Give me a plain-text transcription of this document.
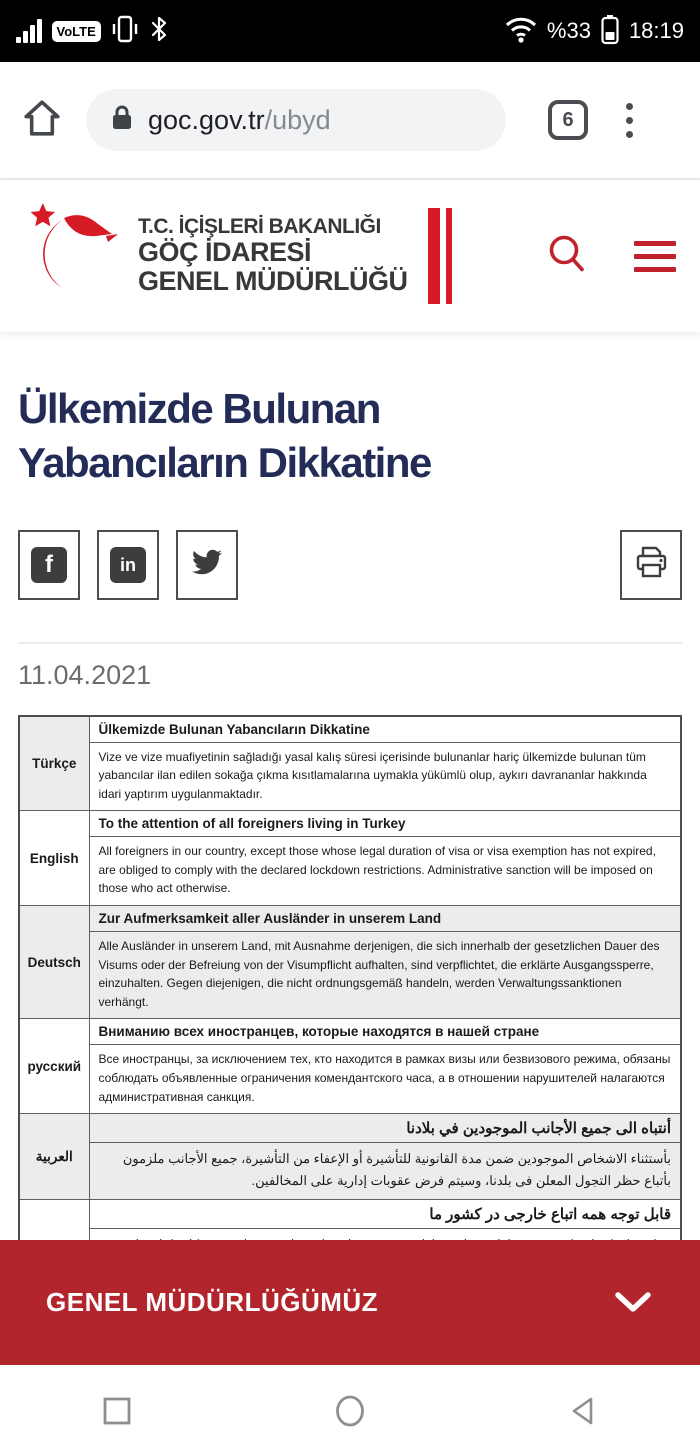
VoLTE	%33 18:19
goc.gov.tr/ubyd	6
T.C. İÇİŞLERİ BAKANLIĞI
GÖÇ İDARESİ
GENEL MÜDÜRLÜĞÜ
Ülkemizde Bulunan
Yabancıların Dikkatine
f	in
11.04.2021
Türkçe	Ülkemizde Bulunan Yabancıların Dikkatine
	Vize ve vize muafiyetinin sağladığı yasal kalış süresi içerisinde bulunanlar hariç ülkemizde bulunan tüm yabancılar ilan edilen sokağa çıkma kısıtlamalarına uymakla yükümlü olup, aykırı davrananlar hakkında idari yaptırım uygulanmaktadır.
English	To the attention of all foreigners living in Turkey
	All foreigners in our country, except those whose legal duration of visa or visa exemption has not expired, are obliged to comply with the declared lockdown restrictions. Administrative sanction will be imposed on those who act otherwise.
Deutsch	Zur Aufmerksamkeit aller Ausländer in unserem Land
	Alle Ausländer in unserem Land, mit Ausnahme derjenigen, die sich innerhalb der gesetzlichen Dauer des Visums oder der Befreiung von der Visumpflicht aufhalten, sind verpflichtet, die erklärte Ausgangssperre, einzuhalten. Gegen diejenigen, die nicht ordnungsgemäß handeln, werden Verwaltungssanktionen verhängt.
русский	Вниманию всех иностранцев, которые находятся в нашей стране
	Все иностранцы, за исключением тех, кто находится в рамках визы или безвизового режима, обязаны соблюдать объявленные ограничения комендантского часа, а в отношении нарушителей налагаются административная санкция.
العربية	أنتباه الى جميع الأجانب الموجودين في بلادنا
	بأستثناء الاشخاص الموجودين ضمن مدة القانونية للتأشيرة أو الإعفاء من التأشيرة، جميع الأجانب ملزمون بأتباع حظر التجول المعلن فى بلدنا، وسيتم فرض عقوبات إدارية على المخالفين.
	قابل توجه همه اتباع خارجی در کشور ما

GENEL MÜDÜRLÜĞÜMÜZ
